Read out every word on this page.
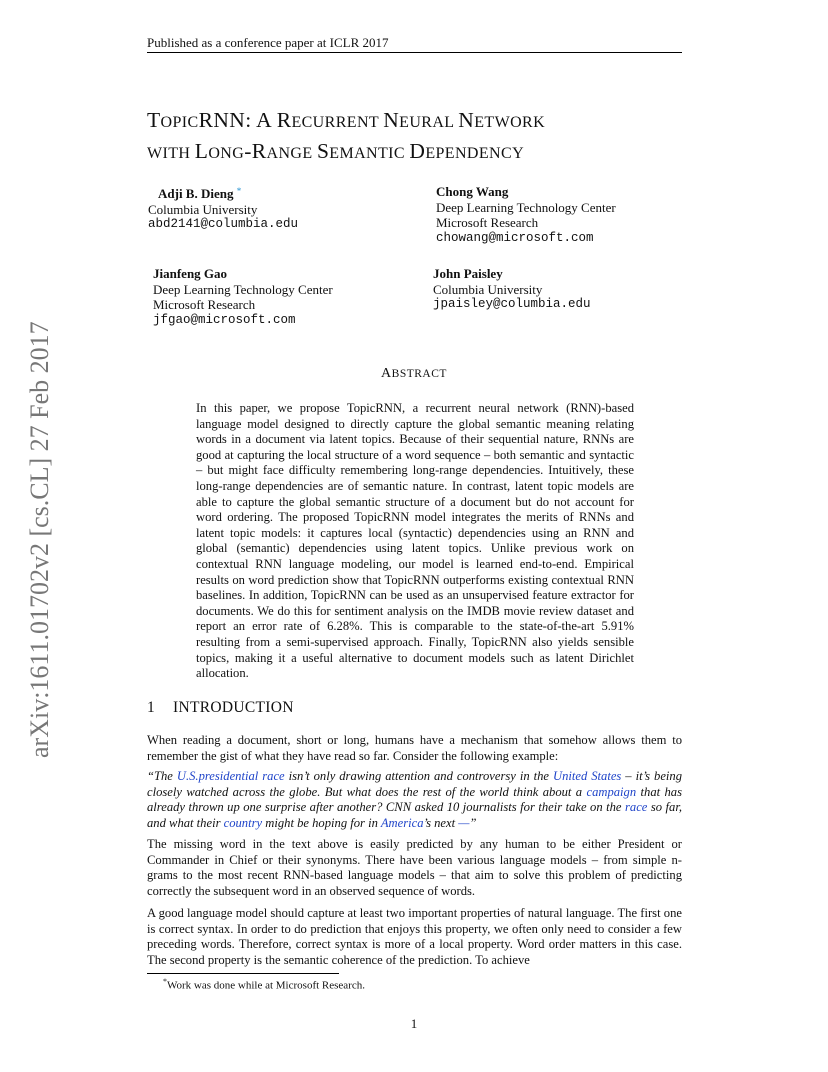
Published as a conference paper at ICLR 2017
arXiv:1611.01702v2 [cs.CL] 27 Feb 2017
TOPICRNN: A RECURRENT NEURAL NETWORK
WITH LONG-RANGE SEMANTIC DEPENDENCY
Adji B. Dieng *
Columbia University
abd2141@columbia.edu
Chong Wang
Deep Learning Technology Center
Microsoft Research
chowang@microsoft.com
Jianfeng Gao
Deep Learning Technology Center
Microsoft Research
jfgao@microsoft.com
John Paisley
Columbia University
jpaisley@columbia.edu
ABSTRACT
In this paper, we propose TopicRNN, a recurrent neural network (RNN)-based language model designed to directly capture the global semantic meaning relating words in a document via latent topics. Because of their sequential nature, RNNs are good at capturing the local structure of a word sequence – both semantic and syntactic – but might face difficulty remembering long-range dependencies. Intuitively, these long-range dependencies are of semantic nature. In contrast, latent topic models are able to capture the global semantic structure of a document but do not account for word ordering. The proposed TopicRNN model integrates the merits of RNNs and latent topic models: it captures local (syntactic) dependencies using an RNN and global (semantic) dependencies using latent topics. Unlike previous work on contextual RNN language modeling, our model is learned end-to-end. Empirical results on word prediction show that TopicRNN outperforms existing contextual RNN baselines. In addition, TopicRNN can be used as an unsupervised feature extractor for documents. We do this for sentiment analysis on the IMDB movie review dataset and report an error rate of 6.28%. This is comparable to the state-of-the-art 5.91% resulting from a semi-supervised approach. Finally, TopicRNN also yields sensible topics, making it a useful alternative to document models such as latent Dirichlet allocation.
1 INTRODUCTION
When reading a document, short or long, humans have a mechanism that somehow allows them to remember the gist of what they have read so far. Consider the following example:
“The U.S.presidential race isn’t only drawing attention and controversy in the United States – it’s being closely watched across the globe. But what does the rest of the world think about a campaign that has already thrown up one surprise after another? CNN asked 10 journalists for their take on the race so far, and what their country might be hoping for in America’s next —”
The missing word in the text above is easily predicted by any human to be either President or Commander in Chief or their synonyms. There have been various language models – from simple n-grams to the most recent RNN-based language models – that aim to solve this problem of predicting correctly the subsequent word in an observed sequence of words.
A good language model should capture at least two important properties of natural language. The first one is correct syntax. In order to do prediction that enjoys this property, we often only need to consider a few preceding words. Therefore, correct syntax is more of a local property. Word order matters in this case. The second property is the semantic coherence of the prediction. To achieve
*Work was done while at Microsoft Research.
1
